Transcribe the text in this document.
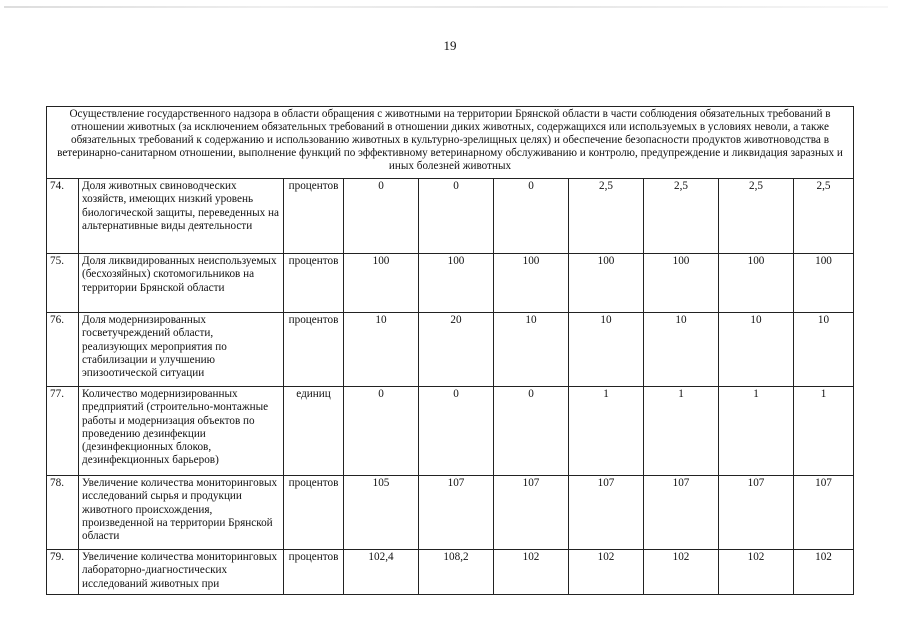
19
Осуществление государственного надзора в области обращения с животными на территории Брянской области в части соблюдения обязательных требований в отношении животных (за исключением обязательных требований в отношении диких животных, содержащихся или используемых в условиях неволи, а также обязательных требований к содержанию и использованию животных в культурно-зрелищных целях) и обеспечение безопасности продуктов животноводства в ветеринарно-санитарном отношении, выполнение функций по эффективному ветеринарному обслуживанию и контролю, предупреждение и ликвидация заразных и иных болезней животных									
74.	Доля животных свиноводческих хозяйств, имеющих низкий уровень биологической защиты, переведенных на альтернативные виды деятельности	процентов	0	0	0	2,5	2,5	2,5	2,5
75.	Доля ликвидированных неиспользуемых (бесхозяйных) скотомогильников на территории Брянской области	процентов	100	100	100	100	100	100	100
76.	Доля модернизированных госветучреждений области, реализующих мероприятия по стабилизации и улучшению эпизоотической ситуации	процентов	10	20	10	10	10	10	10
77.	Количество модернизированных предприятий (строительно-монтажные работы и модернизация объектов по проведению дезинфекции (дезинфекционных блоков, дезинфекционных барьеров)	единиц	0	0	0	1	1	1	1
78.	Увеличение количества мониторинговых исследований сырья и продукции животного происхождения, произведенной на территории Брянской области	процентов	105	107	107	107	107	107	107
79.	Увеличение количества мониторинговых лабораторно-диагностических исследований животных при	процентов	102,4	108,2	102	102	102	102	102
